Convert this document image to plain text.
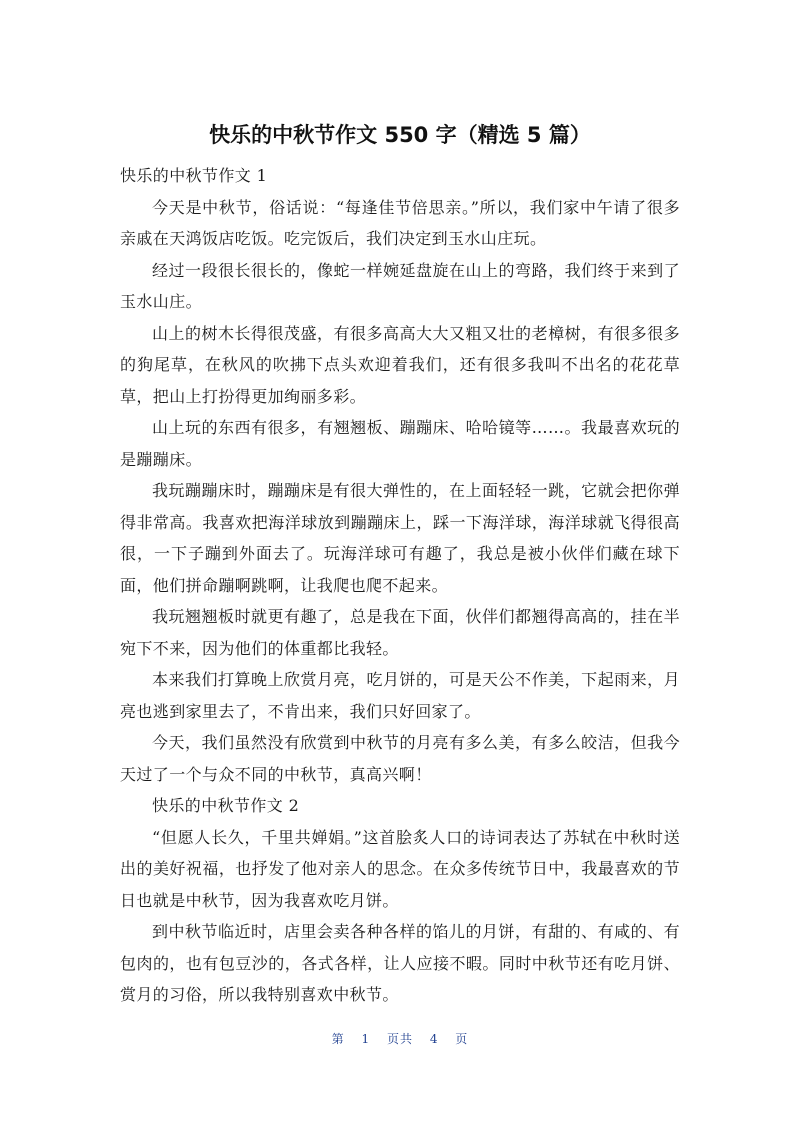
快乐的中秋节作文 550 字（精选 5 篇）

快乐的中秋节作文 1

今天是中秋节，俗话说：“每逢佳节倍思亲。”所以，我们家中午请了很多亲戚在天鸿饭店吃饭。吃完饭后，我们决定到玉水山庄玩。

经过一段很长很长的，像蛇一样婉延盘旋在山上的弯路，我们终于来到了玉水山庄。

山上的树木长得很茂盛，有很多高高大大又粗又壮的老樟树，有很多很多的狗尾草，在秋风的吹拂下点头欢迎着我们，还有很多我叫不出名的花花草草，把山上打扮得更加绚丽多彩。

山上玩的东西有很多，有翘翘板、蹦蹦床、哈哈镜等……。我最喜欢玩的是蹦蹦床。

我玩蹦蹦床时，蹦蹦床是有很大弹性的，在上面轻轻一跳，它就会把你弹得非常高。我喜欢把海洋球放到蹦蹦床上，踩一下海洋球，海洋球就飞得很高很，一下子蹦到外面去了。玩海洋球可有趣了，我总是被小伙伴们藏在球下面，他们拼命蹦啊跳啊，让我爬也爬不起来。

我玩翘翘板时就更有趣了，总是我在下面，伙伴们都翘得高高的，挂在半宛下不来，因为他们的体重都比我轻。

本来我们打算晚上欣赏月亮，吃月饼的，可是天公不作美，下起雨来，月亮也逃到家里去了，不肯出来，我们只好回家了。

今天，我们虽然没有欣赏到中秋节的月亮有多么美，有多么皎洁，但我今天过了一个与众不同的中秋节，真高兴啊！

快乐的中秋节作文 2

“但愿人长久，千里共婵娟。”这首脍炙人口的诗词表达了苏轼在中秋时送出的美好祝福，也抒发了他对亲人的思念。在众多传统节日中，我最喜欢的节日也就是中秋节，因为我喜欢吃月饼。

到中秋节临近时，店里会卖各种各样的馅儿的月饼，有甜的、有咸的、有包肉的，也有包豆沙的，各式各样，让人应接不暇。同时中秋节还有吃月饼、赏月的习俗，所以我特别喜欢中秋节。

第 1 页共 4 页
